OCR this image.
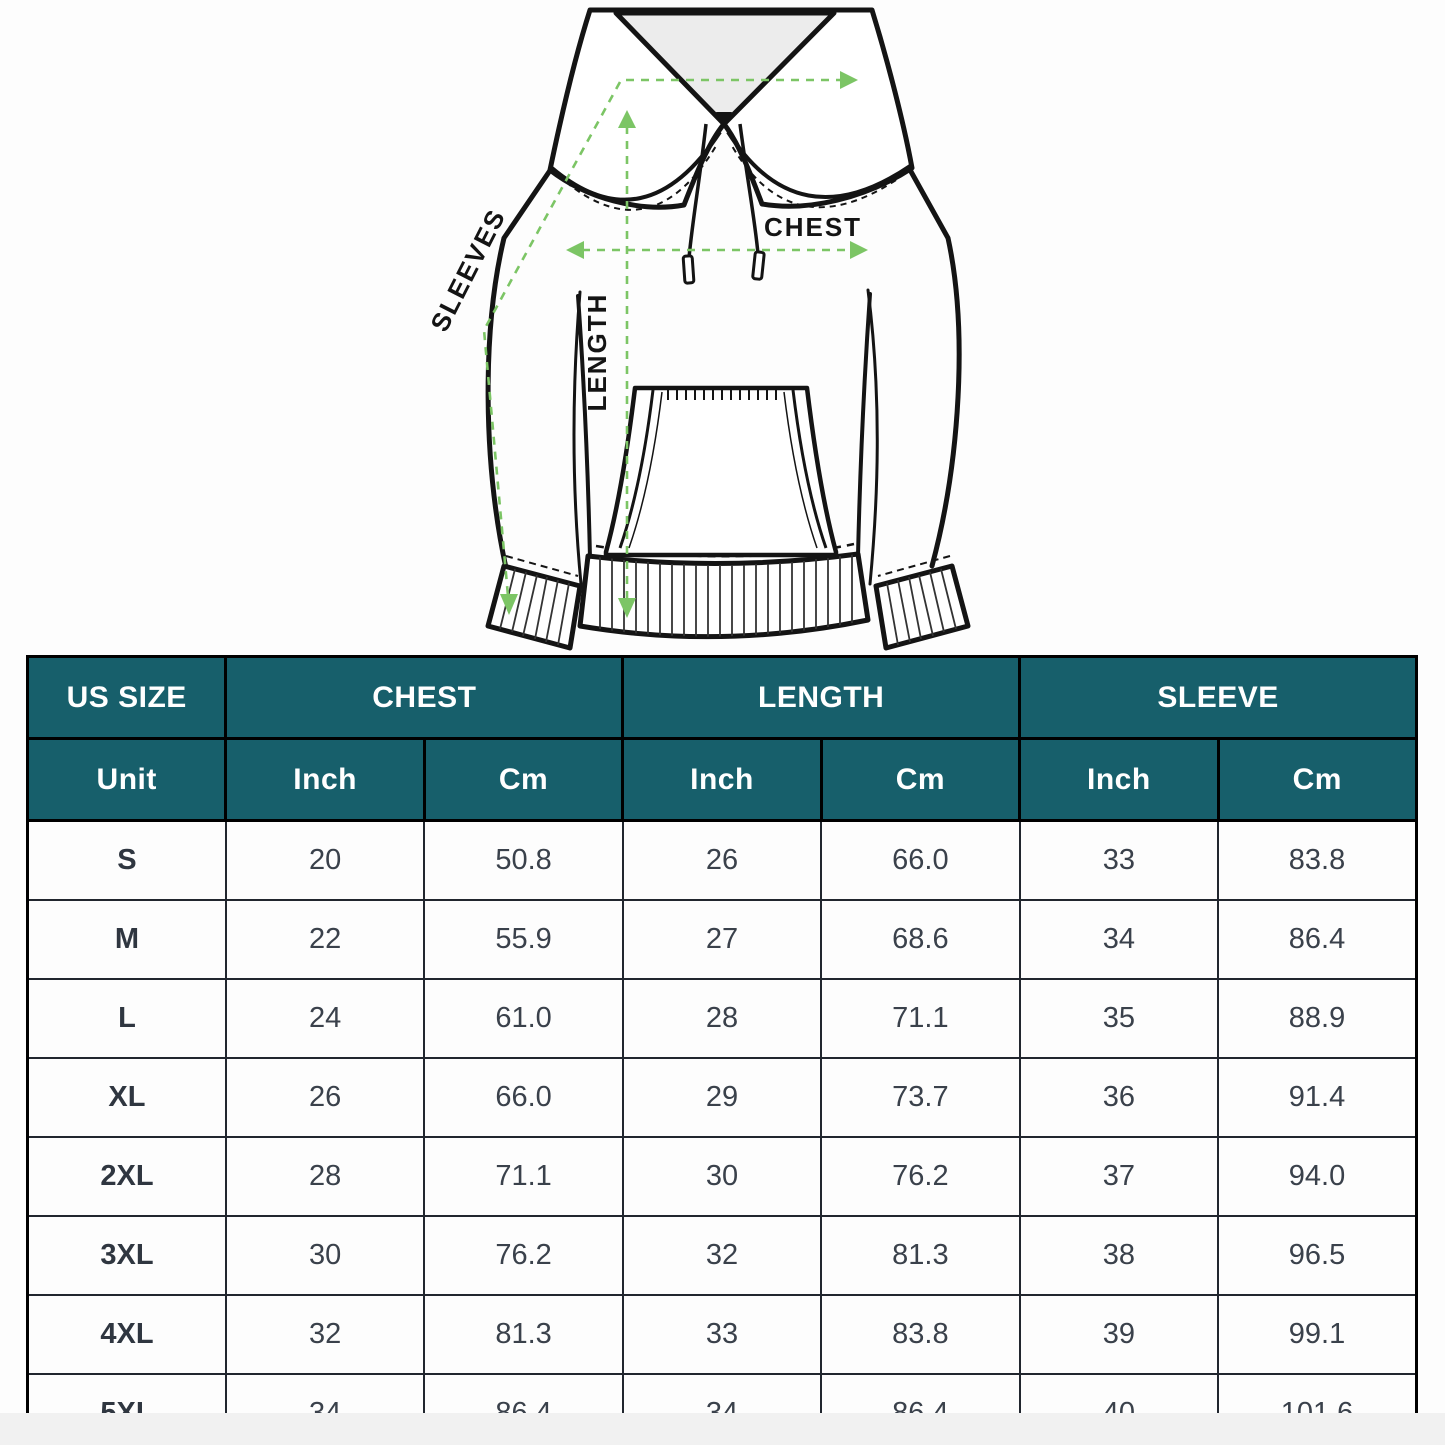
CHEST
LENGTH
SLEEVES
US SIZE	CHEST		LENGTH		SLEEVE	
Unit	Inch	Cm	Inch	Cm	Inch	Cm
S	20	50.8	26	66.0	33	83.8
M	22	55.9	27	68.6	34	86.4
L	24	61.0	28	71.1	35	88.9
XL	26	66.0	29	73.7	36	91.4
2XL	28	71.1	30	76.2	37	94.0
3XL	30	76.2	32	81.3	38	96.5
4XL	32	81.3	33	83.8	39	99.1
